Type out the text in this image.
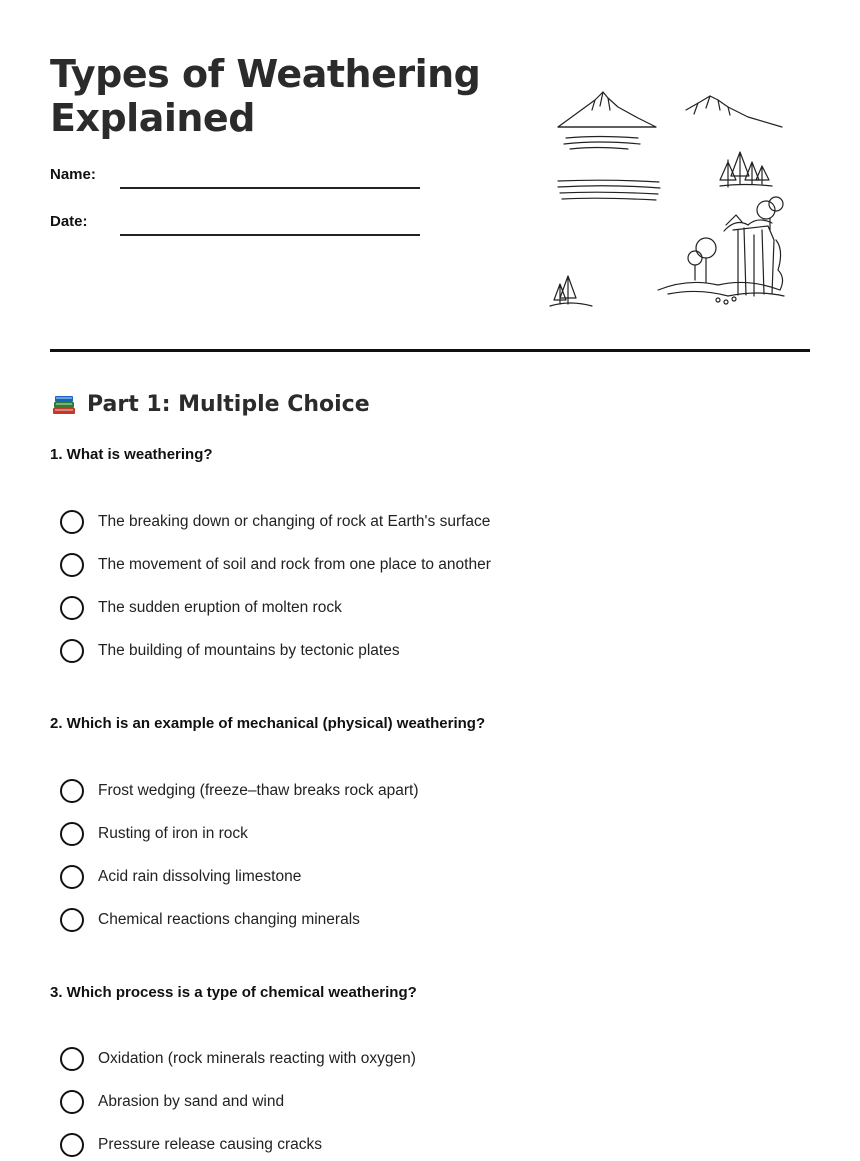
Types of Weathering Explained
Name:
Date:
Part 1: Multiple Choice
1. What is weathering?
The breaking down or changing of rock at Earth's surface
The movement of soil and rock from one place to another
The sudden eruption of molten rock
The building of mountains by tectonic plates
2. Which is an example of mechanical (physical) weathering?
Frost wedging (freeze–thaw breaks rock apart)
Rusting of iron in rock
Acid rain dissolving limestone
Chemical reactions changing minerals
3. Which process is a type of chemical weathering?
Oxidation (rock minerals reacting with oxygen)
Abrasion by sand and wind
Pressure release causing cracks
